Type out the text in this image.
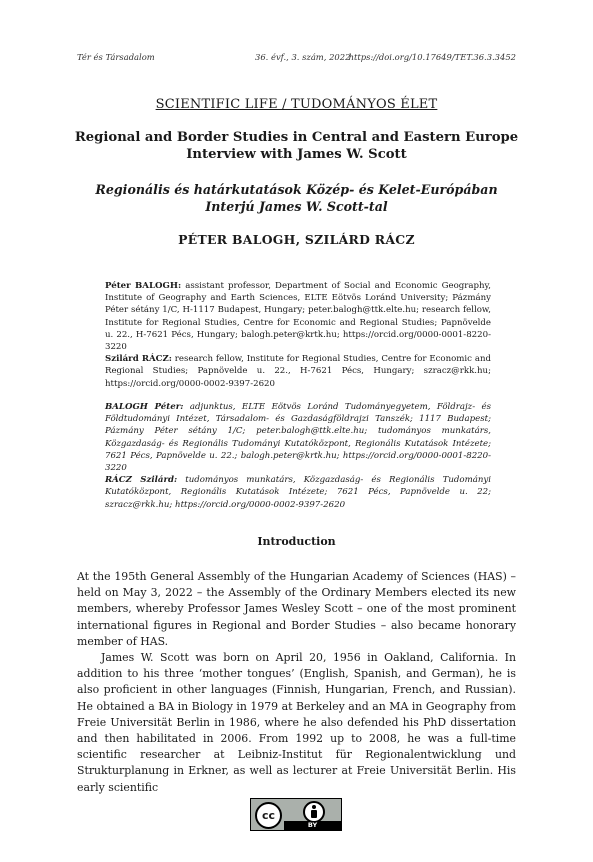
Tér és Társadalom	36. évf., 3. szám, 2022
https://doi.org/10.17649/TET.36.3.3452
SCIENTIFIC LIFE / TUDOMÁNYOS ÉLET
Regional and Border Studies in Central and Eastern Europe
Interview with James W. Scott
Regionális és határkutatások Közép- és Kelet-Európában
Interjú James W. Scott-tal
PÉTER BALOGH, SZILÁRD RÁCZ

Péter BALOGH: assistant professor, Department of Social and Economic Geography, Institute of Geography and Earth Sciences, ELTE Eötvös Loránd University; Pázmány Péter sétány 1/C, H-1117 Budapest, Hungary; peter.balogh@ttk.elte.hu; research fellow, Institute for Regional Studies, Centre for Economic and Regional Studies; Papnövelde u. 22., H-7621 Pécs, Hungary; balogh.peter@krtk.hu; https://orcid.org/0000-0001-8220-3220

Szilárd RÁCZ: research fellow, Institute for Regional Studies, Centre for Economic and Regional Studies; Papnövelde u. 22., H-7621 Pécs, Hungary; szracz@rkk.hu; https://orcid.org/0000-0002-9397-2620

BALOGH Péter: adjunktus, ELTE Eötvös Loránd Tudományegyetem, Földrajz- és Földtudományi Intézet, Társadalom- és Gazdaságföldrajzi Tanszék; 1117 Budapest; Pázmány Péter sétány 1/C; peter.balogh@ttk.elte.hu; tudományos munkatárs, Közgazdaság- és Regionális Tudományi Kutatóközpont, Regionális Kutatások Intézete; 7621 Pécs, Papnövelde u. 22.; balogh.peter@krtk.hu; https://orcid.org/0000-0001-8220-3220

RÁCZ Szilárd: tudományos munkatárs, Közgazdaság- és Regionális Tudományi Kutatóközpont, Regionális Kutatások Intézete; 7621 Pécs, Papnövelde u. 22; szracz@rkk.hu; https://orcid.org/0000-0002-9397-2620

Introduction

At the 195th General Assembly of the Hungarian Academy of Sciences (HAS) – held on May 3, 2022 – the Assembly of the Ordinary Members elected its new members, whereby Professor James Wesley Scott – one of the most prominent international figures in Regional and Border Studies – also became honorary member of HAS.

James W. Scott was born on April 20, 1956 in Oakland, California. In addition to his three ‘mother tongues’ (English, Spanish, and German), he is also proficient in other languages (Finnish, Hungarian, French, and Russian). He obtained a BA in Biology in 1979 at Berkeley and an MA in Geography from Freie Universität Berlin in 1986, where he also defended his PhD dissertation and then habilitated in 2006. From 1992 up to 2008, he was a full-time scientific researcher at Leibniz-Institut für Regionalentwicklung und Strukturplanung in Erkner, as well as lecturer at Freie Universität Berlin. His early scientific

cc
BY
